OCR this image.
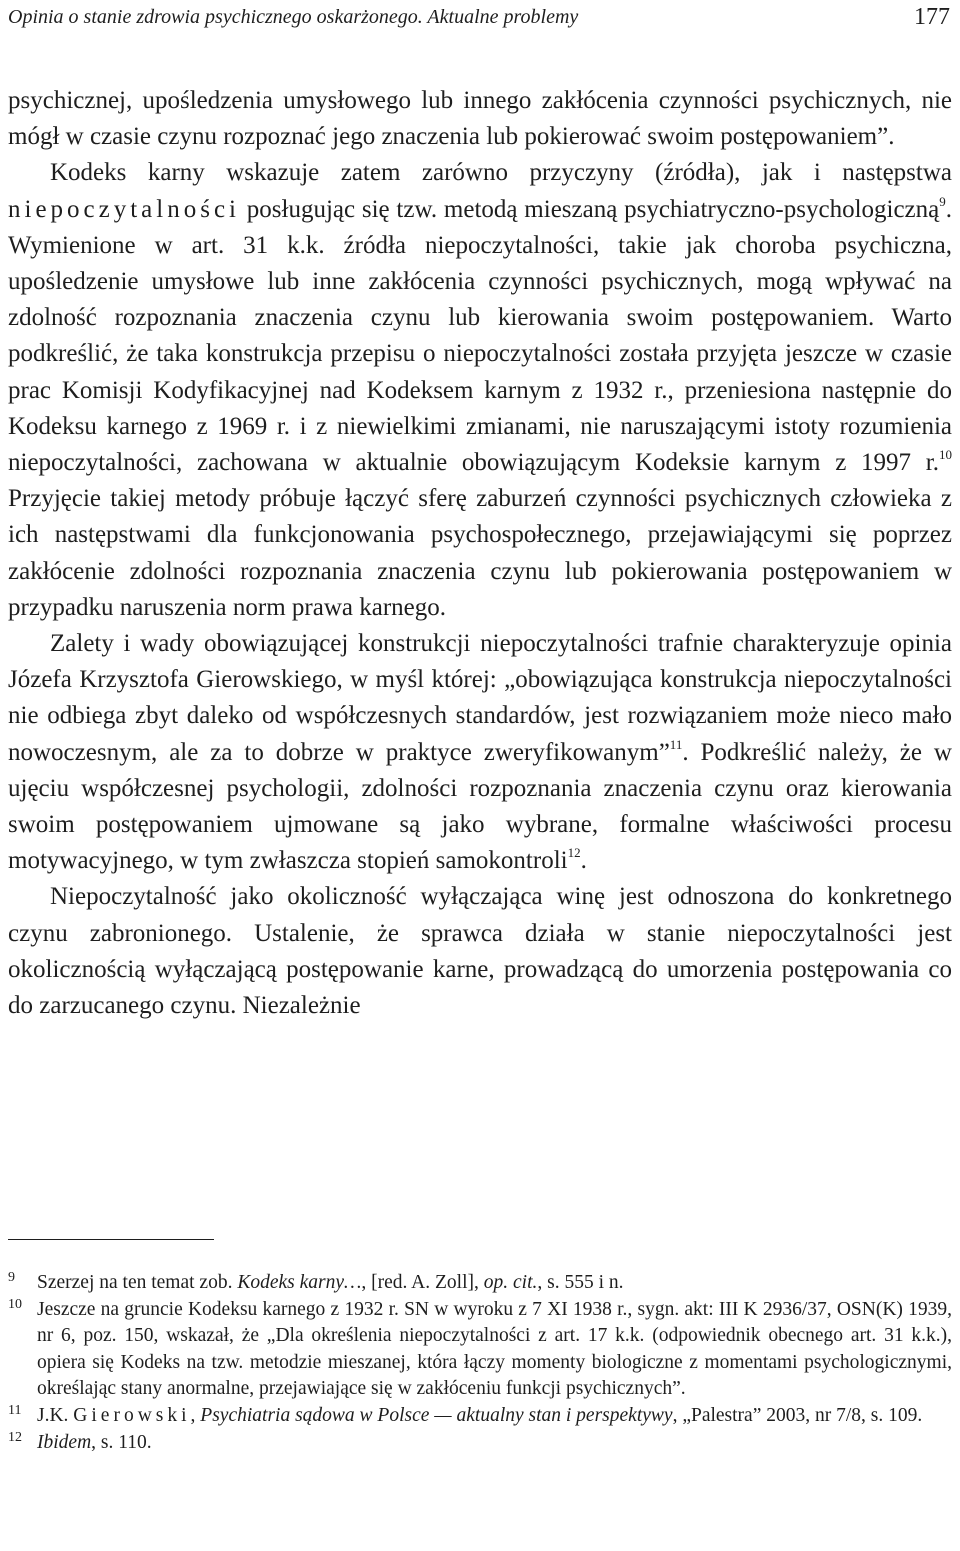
Opinia o stanie zdrowia psychicznego oskarżonego. Aktualne problemy	177

psychicznej, upośledzenia umysłowego lub innego zakłócenia czynności psychicznych, nie mógł w czasie czynu rozpoznać jego znaczenia lub pokierować swoim postępowaniem”.

Kodeks karny wskazuje zatem zarówno przyczyny (źródła), jak i następstwa niepoczytalności posługując się tzw. metodą mieszaną psychiatryczno-psychologiczną$^9$. Wymienione w art. 31 k.k. źródła niepoczytalności, takie jak choroba psychiczna, upośledzenie umysłowe lub inne zakłócenia czynności psychicznych, mogą wpływać na zdolność rozpoznania znaczenia czynu lub kierowania swoim postępowaniem. Warto podkreślić, że taka konstrukcja przepisu o niepoczytalności została przyjęta jeszcze w czasie prac Komisji Kodyfikacyjnej nad Kodeksem karnym z 1932 r., przeniesiona następnie do Kodeksu karnego z 1969 r. i z niewielkimi zmianami, nie naruszającymi istoty rozumienia niepoczytalności, zachowana w aktualnie obowiązującym Kodeksie karnym z 1997 r.$^{10}$ Przyjęcie takiej metody próbuje łączyć sferę zaburzeń czynności psychicznych człowieka z ich następstwami dla funkcjonowania psychospołecznego, przejawiającymi się poprzez zakłócenie zdolności rozpoznania znaczenia czynu lub pokierowania postępowaniem w przypadku naruszenia norm prawa karnego.

Zalety i wady obowiązującej konstrukcji niepoczytalności trafnie charakteryzuje opinia Józefa Krzysztofa Gierowskiego, w myśl której: „obowiązująca konstrukcja niepoczytalności nie odbiega zbyt daleko od współczesnych standardów, jest rozwiązaniem może nieco mało nowoczesnym, ale za to dobrze w praktyce zweryfikowanym”$^{11}$. Podkreślić należy, że w ujęciu współczesnej psychologii, zdolności rozpoznania znaczenia czynu oraz kierowania swoim postępowaniem ujmowane są jako wybrane, formalne właściwości procesu motywacyjnego, w tym zwłaszcza stopień samokontroli$^{12}$.

Niepoczytalność jako okoliczność wyłączająca winę jest odnoszona do konkretnego czynu zabronionego. Ustalenie, że sprawca działa w stanie niepoczytalności jest okolicznością wyłączającą postępowanie karne, prowadzącą do umorzenia postępowania co do zarzucanego czynu. Niezależnie

9 Szerzej na ten temat zob. Kodeks karny…, [red. A. Zoll], op. cit., s. 555 i n.
10 Jeszcze na gruncie Kodeksu karnego z 1932 r. SN w wyroku z 7 XI 1938 r., sygn. akt: III K 2936/37, OSN(K) 1939, nr 6, poz. 150, wskazał, że „Dla określenia niepoczytalności z art. 17 k.k. (odpowiednik obecnego art. 31 k.k.), opiera się Kodeks na tzw. metodzie mieszanej, która łączy momenty biologiczne z momentami psychologicznymi, określając stany anormalne, przejawiające się w zakłóceniu funkcji psychicznych”.
11 J.K. Gierowski, Psychiatria sądowa w Polsce — aktualny stan i perspektywy, „Palestra” 2003, nr 7/8, s. 109.
12 Ibidem, s. 110.
